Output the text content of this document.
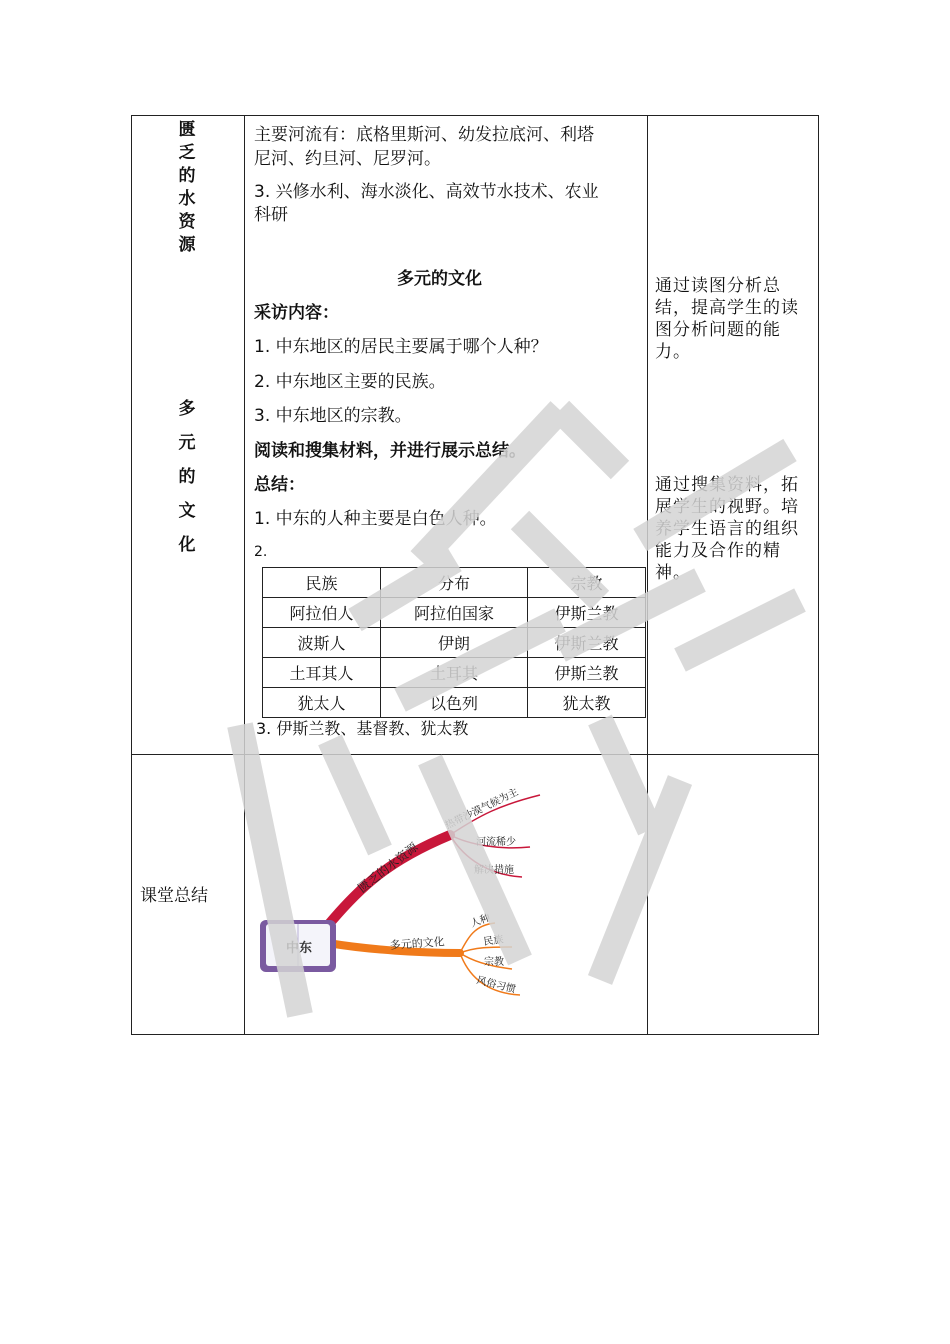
匮
乏
的
水
资
源
多
元
的
文
化
课堂总结
主要河流有：底格里斯河、幼发拉底河、利塔
尼河、约旦河、尼罗河。
3. 兴修水利、海水淡化、高效节水技术、农业
科研
多元的文化
采访内容：
1. 中东地区的居民主要属于哪个人种？
2. 中东地区主要的民族。
3. 中东地区的宗教。
阅读和搜集材料，并进行展示总结。
总结：
1. 中东的人种主要是白色人种。
2.
民族	分布	宗教
阿拉伯人	阿拉伯国家	伊斯兰教
波斯人	伊朗	伊斯兰教
土耳其人	土耳其	伊斯兰教
犹太人	以色列	犹太教
3. 伊斯兰教、基督教、犹太教
通过读图分析总结，提高学生的读图分析问题的能力。
通过搜集资料，拓展学生的视野。培养学生语言的组织能力及合作的精神。
匮乏的水资源
热带沙漠气候为主
河流稀少
解决措施
多元的文化
人种
民族
宗教
风俗习惯
中东
